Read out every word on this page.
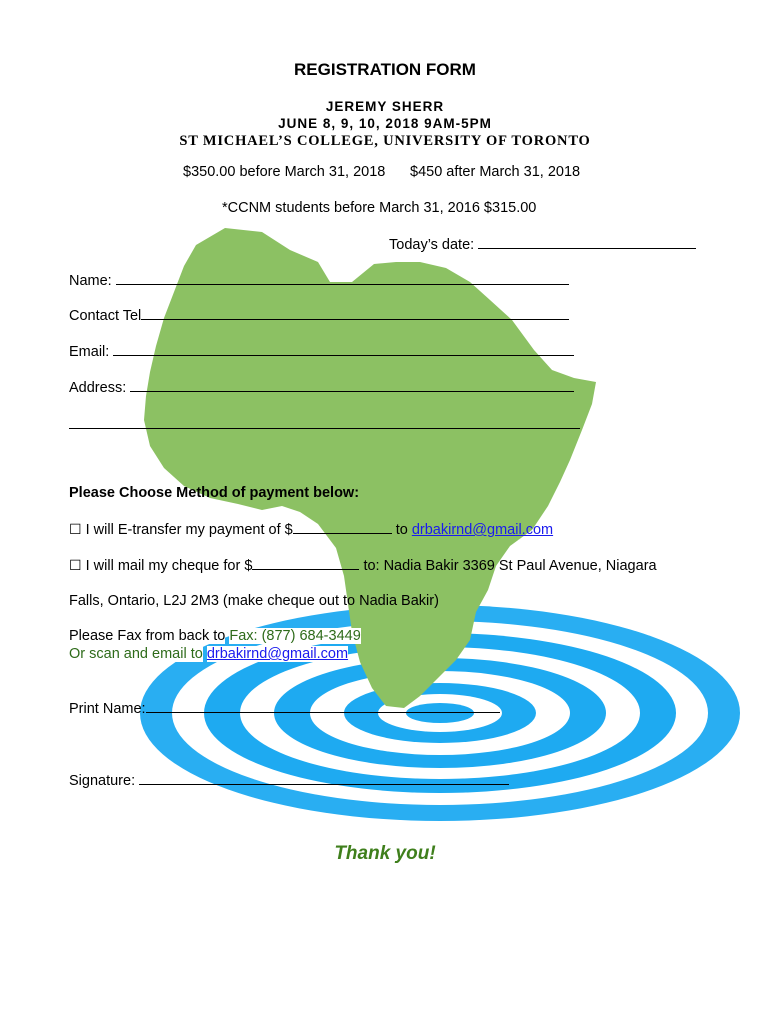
REGISTRATION FORM
JEREMY SHERR
JUNE 8, 9, 10, 2018 9AM-5PM
ST MICHAEL’S COLLEGE, UNIVERSITY OF TORONTO
$350.00 before March 31, 2018 $450 after March 31, 2018
*CCNM students before March 31, 2016 $315.00
Today’s date:
Name:
Contact Tel
Email:
Address:
Please Choose Method of payment below:
☐ I will E-transfer my payment of $	to drbakirnd@gmail.com
☐ I will mail my cheque for $	to: Nadia Bakir 3369 St Paul Avenue, Niagara
Falls, Ontario, L2J 2M3 (make cheque out to Nadia Bakir)
Please Fax from back to Fax: (877) 684-3449
Or scan and email to drbakirnd@gmail.com
Print Name:
Signature:
Thank you!
